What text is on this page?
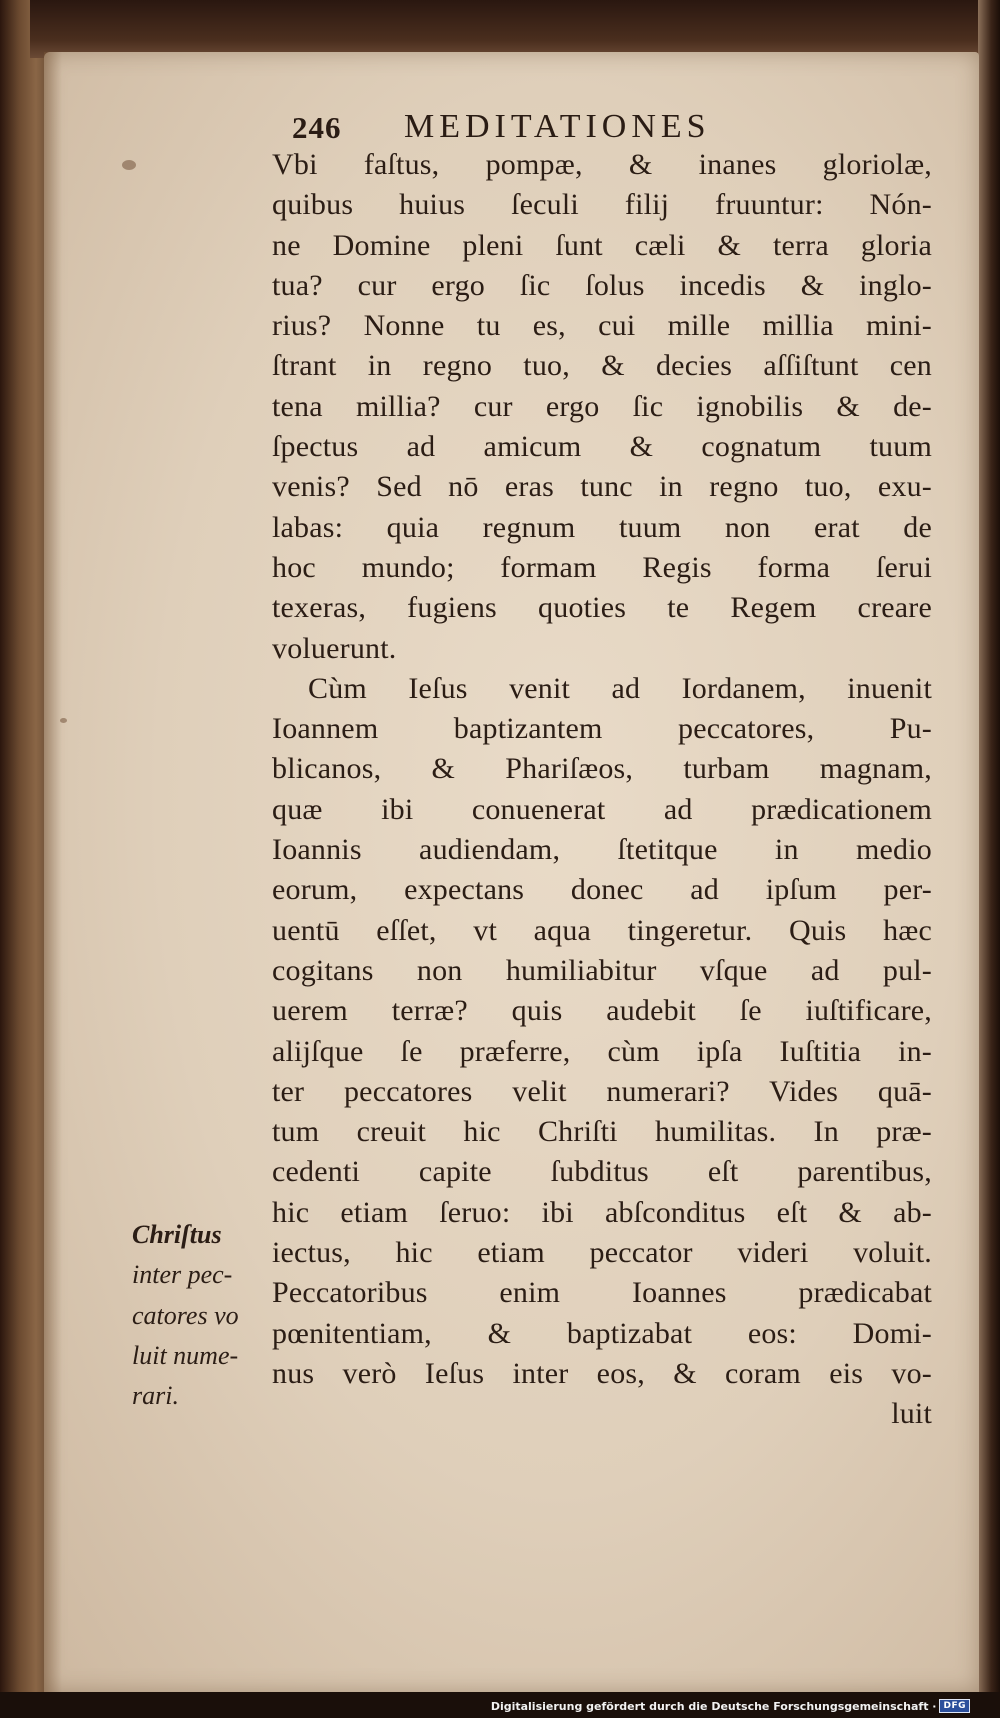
246 MEDITATIONES
Vbi faſtus, pompæ, & inanes gloriolæ,
quibus huius ſeculi filij fruuntur: Nón-
ne Domine pleni ſunt cæli & terra gloria
tua? cur ergo ſic ſolus incedis & inglo-
rius? Nonne tu es, cui mille millia mini-
ſtrant in regno tuo, & decies aſſiſtunt cen
tena millia? cur ergo ſic ignobilis & de-
ſpectus ad amicum & cognatum tuum
venis? Sed nō eras tunc in regno tuo, exu-
labas: quia regnum tuum non erat de
hoc mundo; formam Regis forma ſerui
texeras, fugiens quoties te Regem creare
voluerunt.
Cùm Ieſus venit ad Iordanem, inuenit
Ioannem baptizantem peccatores, Pu-
blicanos, & Phariſæos, turbam magnam,
quæ ibi conuenerat ad prædicationem
Ioannis audiendam, ſtetitque in medio
eorum, expectans donec ad ipſum per-
uentū eſſet, vt aqua tingeretur. Quis hæc
cogitans non humiliabitur vſque ad pul-
uerem terræ? quis audebit ſe iuſtificare,
alijſque ſe præferre, cùm ipſa Iuſtitia in-
ter peccatores velit numerari? Vides quā-
tum creuit hic Chriſti humilitas. In præ-
cedenti capite ſubditus eſt parentibus,
hic etiam ſeruo: ibi abſconditus eſt & ab-
iectus, hic etiam peccator videri voluit.
Peccatoribus enim Ioannes prædicabat
pœnitentiam, & baptizabat eos: Domi-
nus verò Ieſus inter eos, & coram eis vo-
luit
Chriſtus
inter pec-
catores vo
luit nume-
rari.
Digitalisierung gefördert durch die Deutsche Forschungsgemeinschaft · DFG
